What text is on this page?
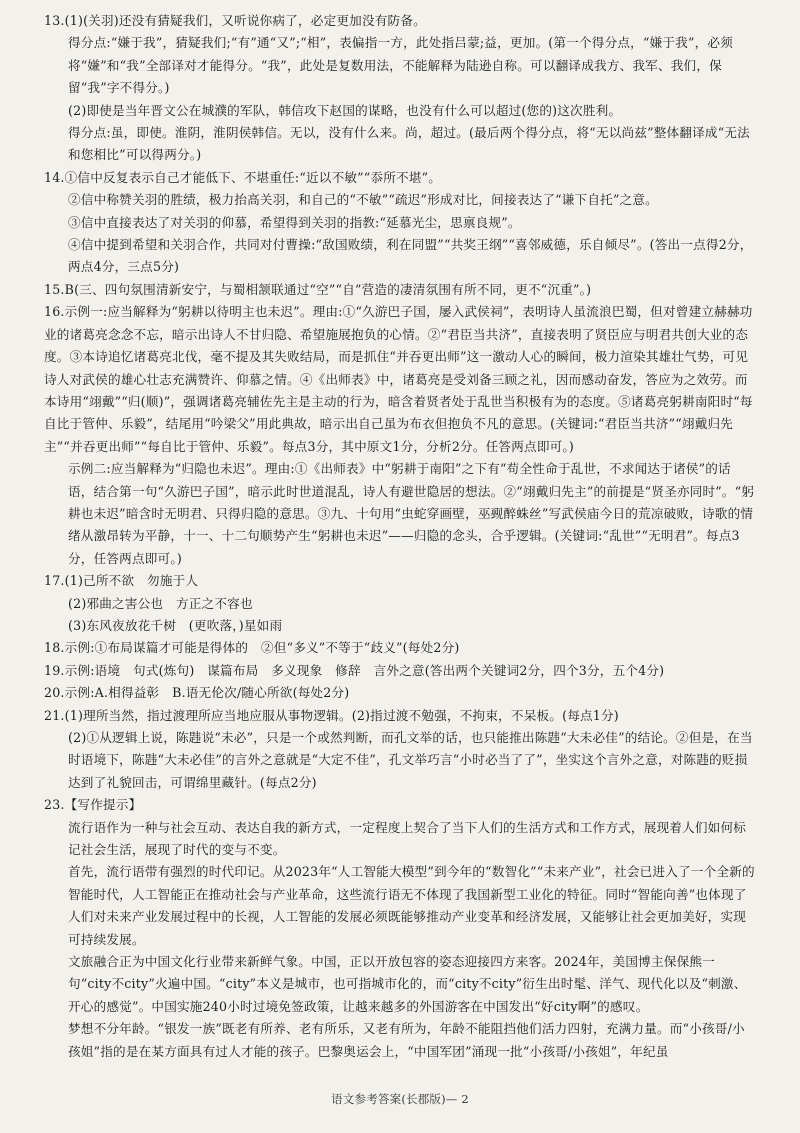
13.(1)(关羽)还没有猜疑我们，又听说你病了，必定更加没有防备。

得分点:“嫌于我”，猜疑我们;“有”通“又”;“相”，表偏指一方，此处指吕蒙;益，更加。(第一个得分点，“嫌于我”，必须将“嫌”和“我”全部译对才能得分。“我”，此处是复数用法，不能解释为陆逊自称。可以翻译成我方、我军、我们，保留“我”字不得分。)

(2)即使是当年晋文公在城濮的军队，韩信攻下赵国的谋略，也没有什么可以超过(您的)这次胜利。

得分点:虽，即使。淮阴，淮阴侯韩信。无以，没有什么来。尚，超过。(最后两个得分点，将“无以尚兹”整体翻译成“无法和您相比”可以得两分。)

14.①信中反复表示自己才能低下、不堪重任:“近以不敏”“忝所不堪”。

②信中称赞关羽的胜绩，极力抬高关羽，和自己的“不敏”“疏迟”形成对比，间接表达了“谦下自托”之意。

③信中直接表达了对关羽的仰慕，希望得到关羽的指教:“延慕光尘，思禀良规”。

④信中提到希望和关羽合作，共同对付曹操:“敌国败绩，利在同盟”“共奖王纲”“喜邻威德，乐自倾尽”。(答出一点得2分，两点4分，三点5分)

15.B(三、四句氛围清新安宁，与蜀相颔联通过“空”“自”营造的凄清氛围有所不同，更不“沉重”。)

16.示例一:应当解释为“躬耕以待明主也未迟”。理由:①“久游巴子国，屡入武侯祠”，表明诗人虽流浪巴蜀，但对曾建立赫赫功业的诸葛亮念念不忘，暗示出诗人不甘归隐、希望施展抱负的心情。②“君臣当共济”，直接表明了贤臣应与明君共创大业的态度。③本诗追忆诸葛亮北伐，毫不提及其失败结局，而是抓住“并吞更出师”这一激动人心的瞬间，极力渲染其雄壮气势，可见诗人对武侯的雄心壮志充满赞许、仰慕之情。④《出师表》中，诸葛亮是受刘备三顾之礼，因而感动奋发，答应为之效劳。而本诗用“翊戴”“归(顺)”，强调诸葛亮辅佐先主是主动的行为，暗含着贤者处于乱世当积极有为的态度。⑤诸葛亮躬耕南阳时“每自比于管仲、乐毅”，结尾用“吟梁父”用此典故，暗示出自己虽为布衣但抱负不凡的意思。(关键词:“君臣当共济”“翊戴归先主”“并吞更出师”“每自比于管仲、乐毅”。每点3分，其中原文1分，分析2分。任答两点即可。)

示例二:应当解释为“归隐也未迟”。理由:①《出师表》中“躬耕于南阳”之下有“苟全性命于乱世，不求闻达于诸侯”的话语，结合第一句“久游巴子国”，暗示此时世道混乱，诗人有避世隐居的想法。②“翊戴归先主”的前提是“贤圣亦同时”。“躬耕也未迟”暗含时无明君、只得归隐的意思。③九、十句用“虫蛇穿画壁，巫觋醉蛛丝”写武侯庙今日的荒凉破败，诗歌的情绪从激昂转为平静，十一、十二句顺势产生“躬耕也未迟”——归隐的念头，合乎逻辑。(关键词:“乱世”“无明君”。每点3分，任答两点即可。)

17.(1)己所不欲　勿施于人

(2)邪曲之害公也　方正之不容也

(3)东风夜放花千树　(更吹落，)星如雨

18.示例:①布局谋篇才可能是得体的　②但“多义”不等于“歧义”(每处2分)

19.示例:语境　句式(炼句)　谋篇布局　多义现象　修辞　言外之意(答出两个关键词2分，四个3分，五个4分)

20.示例:A.相得益彰　B.语无伦次/随心所欲(每处2分)

21.(1)理所当然，指过渡理所应当地应服从事物逻辑。(2)指过渡不勉强，不拘束，不呆板。(每点1分)

(2)①从逻辑上说，陈韪说“未必”，只是一个或然判断，而孔文举的话，也只能推出陈韪“大未必佳”的结论。②但是，在当时语境下，陈韪“大未必佳”的言外之意就是“大定不佳”，孔文举巧言“小时必当了了”，坐实这个言外之意，对陈韪的贬损达到了礼貌回击，可谓绵里藏针。(每点2分)

23.【写作提示】

流行语作为一种与社会互动、表达自我的新方式，一定程度上契合了当下人们的生活方式和工作方式，展现着人们如何标记社会生活，展现了时代的变与不变。

首先，流行语带有强烈的时代印记。从2023年“人工智能大模型”到今年的“数智化”“未来产业”，社会已进入了一个全新的智能时代，人工智能正在推动社会与产业革命，这些流行语无不体现了我国新型工业化的特征。同时“智能向善”也体现了人们对未来产业发展过程中的长视，人工智能的发展必须既能够推动产业变革和经济发展，又能够让社会更加美好，实现可持续发展。

文旅融合正为中国文化行业带来新鲜气象。中国，正以开放包容的姿态迎接四方来客。2024年，美国博主保保熊一句“city不city”火遍中国。“city”本义是城市，也可指城市化的，而“city不city”衍生出时髦、洋气、现代化以及“刺激、开心的感觉”。中国实施240小时过境免签政策，让越来越多的外国游客在中国发出“好city啊”的感叹。

梦想不分年龄。“银发一族”既老有所养、老有所乐，又老有所为，年龄不能阻挡他们活力四射，充满力量。而“小孩哥/小孩姐”指的是在某方面具有过人才能的孩子。巴黎奥运会上，“中国军团”涌现一批“小孩哥/小孩姐”，年纪虽

语文参考答案(长郡版)— 2
